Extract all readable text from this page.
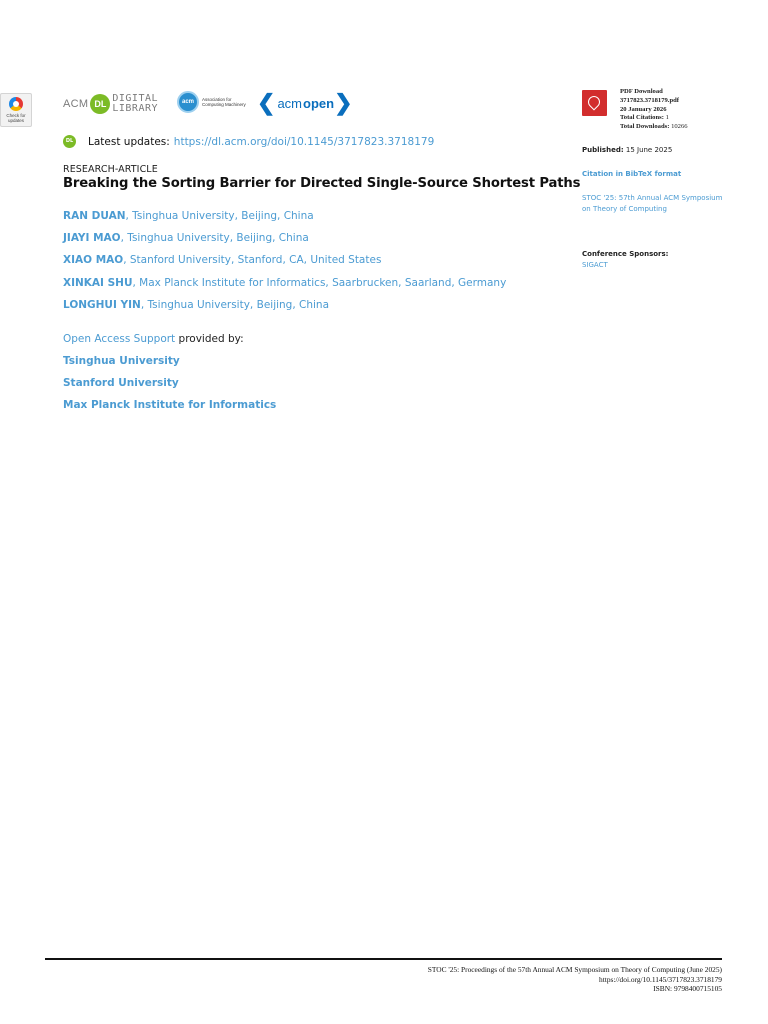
Check for updates
ACM DL DIGITAL
LIBRARY
acm	Association for
Computing Machinery ❮ acm open ❯
DL Latest updates: https://dl.acm.org/doi/10.1145/3717823.3718179
RESEARCH-ARTICLE
Breaking the Sorting Barrier for Directed Single-Source Shortest Paths
RAN DUAN, Tsinghua University, Beijing, China
JIAYI MAO, Tsinghua University, Beijing, China
XIAO MAO, Stanford University, Stanford, CA, United States
XINKAI SHU, Max Planck Institute for Informatics, Saarbrucken, Saarland, Germany
LONGHUI YIN, Tsinghua University, Beijing, China
Open Access Support provided by:
Tsinghua University
Stanford University
Max Planck Institute for Informatics
PDF Download
3717823.3718179.pdf
20 January 2026
Total Citations: 1
Total Downloads: 10266
Published: 15 June 2025
Citation in BibTeX format
STOC '25: 57th Annual ACM Symposium
on Theory of Computing
Conference Sponsors:
SIGACT
STOC '25: Proceedings of the 57th Annual ACM Symposium on Theory of Computing (June 2025)
https://doi.org/10.1145/3717823.3718179
ISBN: 9798400715105
